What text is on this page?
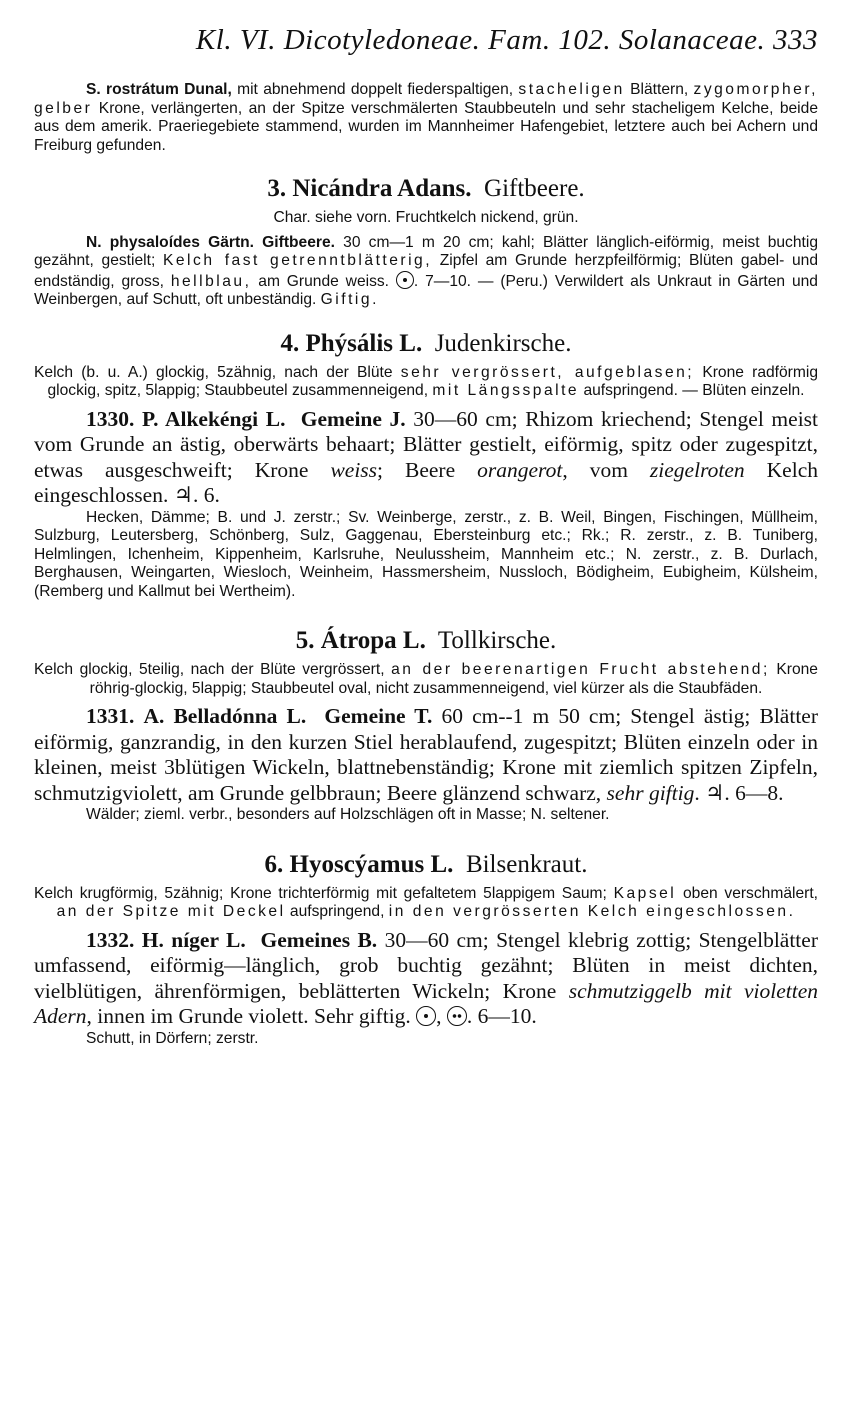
Kl. VI. Dicotyledoneae. Fam. 102. Solanaceae. 333

S. rostrátum Dunal, mit abnehmend doppelt fiederspaltigen, stacheligen Blättern, zygomorpher, gelber Krone, verlängerten, an der Spitze verschmälerten Staubbeuteln und sehr stacheligem Kelche, beide aus dem amerik. Praeriegebiete stammend, wurden im Mannheimer Hafengebiet, letztere auch bei Achern und Freiburg gefunden.

3. Nicándra Adans. Giftbeere.

Char. siehe vorn. Fruchtkelch nickend, grün.

N. physaloídes Gärtn. Giftbeere. 30 cm—1 m 20 cm; kahl; Blätter länglich-eiförmig, meist buchtig gezähnt, gestielt; Kelch fast getrenntblätterig, Zipfel am Grunde herzpfeilförmig; Blüten gabel- und endständig, gross, hellblau, am Grunde weiss. . 7—10. — (Peru.) Verwildert als Unkraut in Gärten und Weinbergen, auf Schutt, oft unbeständig. Giftig.

4. Phýsális L. Judenkirsche.

Kelch (b. u. A.) glockig, 5zähnig, nach der Blüte sehr vergrössert, aufgeblasen; Krone radförmig glockig, spitz, 5lappig; Staubbeutel zusammenneigend, mit Längsspalte aufspringend. — Blüten einzeln.

1330. P. Alkekéngi L. Gemeine J. 30—60 cm; Rhizom kriechend; Stengel meist vom Grunde an ästig, oberwärts behaart; Blätter gestielt, eiförmig, spitz oder zugespitzt, etwas ausgeschweift; Krone weiss; Beere orangerot, vom ziegelroten Kelch eingeschlossen. ♃. 6.

Hecken, Dämme; B. und J. zerstr.; Sv. Weinberge, zerstr., z. B. Weil, Bingen, Fischingen, Müllheim, Sulzburg, Leutersberg, Schönberg, Sulz, Gaggenau, Ebersteinburg etc.; Rk.; R. zerstr., z. B. Tuniberg, Helmlingen, Ichenheim, Kippenheim, Karlsruhe, Neulussheim, Mannheim etc.; N. zerstr., z. B. Durlach, Berghausen, Weingarten, Wiesloch, Weinheim, Hassmersheim, Nussloch, Bödigheim, Eubigheim, Külsheim, (Remberg und Kallmut bei Wertheim).

5. Átropa L. Tollkirsche.

Kelch glockig, 5teilig, nach der Blüte vergrössert, an der beerenartigen Frucht abstehend; Krone röhrig-glockig, 5lappig; Staubbeutel oval, nicht zusammenneigend, viel kürzer als die Staubfäden.

1331. A. Belladónna L. Gemeine T. 60 cm--1 m 50 cm; Stengel ästig; Blätter eiförmig, ganzrandig, in den kurzen Stiel herablaufend, zugespitzt; Blüten einzeln oder in kleinen, meist 3blütigen Wickeln, blattnebenständig; Krone mit ziemlich spitzen Zipfeln, schmutzigviolett, am Grunde gelbbraun; Beere glänzend schwarz, sehr giftig. ♃. 6—8.

Wälder; zieml. verbr., besonders auf Holzschlägen oft in Masse; N. seltener.

6. Hyoscýamus L. Bilsenkraut.

Kelch krugförmig, 5zähnig; Krone trichterförmig mit gefaltetem 5lappigem Saum; Kapsel oben verschmälert, an der Spitze mit Deckel aufspringend, in den vergrösserten Kelch eingeschlossen.

1332. H. níger L. Gemeines B. 30—60 cm; Stengel klebrig zottig; Stengelblätter umfassend, eiförmig—länglich, grob buchtig gezähnt; Blüten in meist dichten, vielblütigen, ährenförmigen, beblätterten Wickeln; Krone schmutziggelb mit violetten Adern, innen im Grunde violett. Sehr giftig. , . 6—10.

Schutt, in Dörfern; zerstr.
